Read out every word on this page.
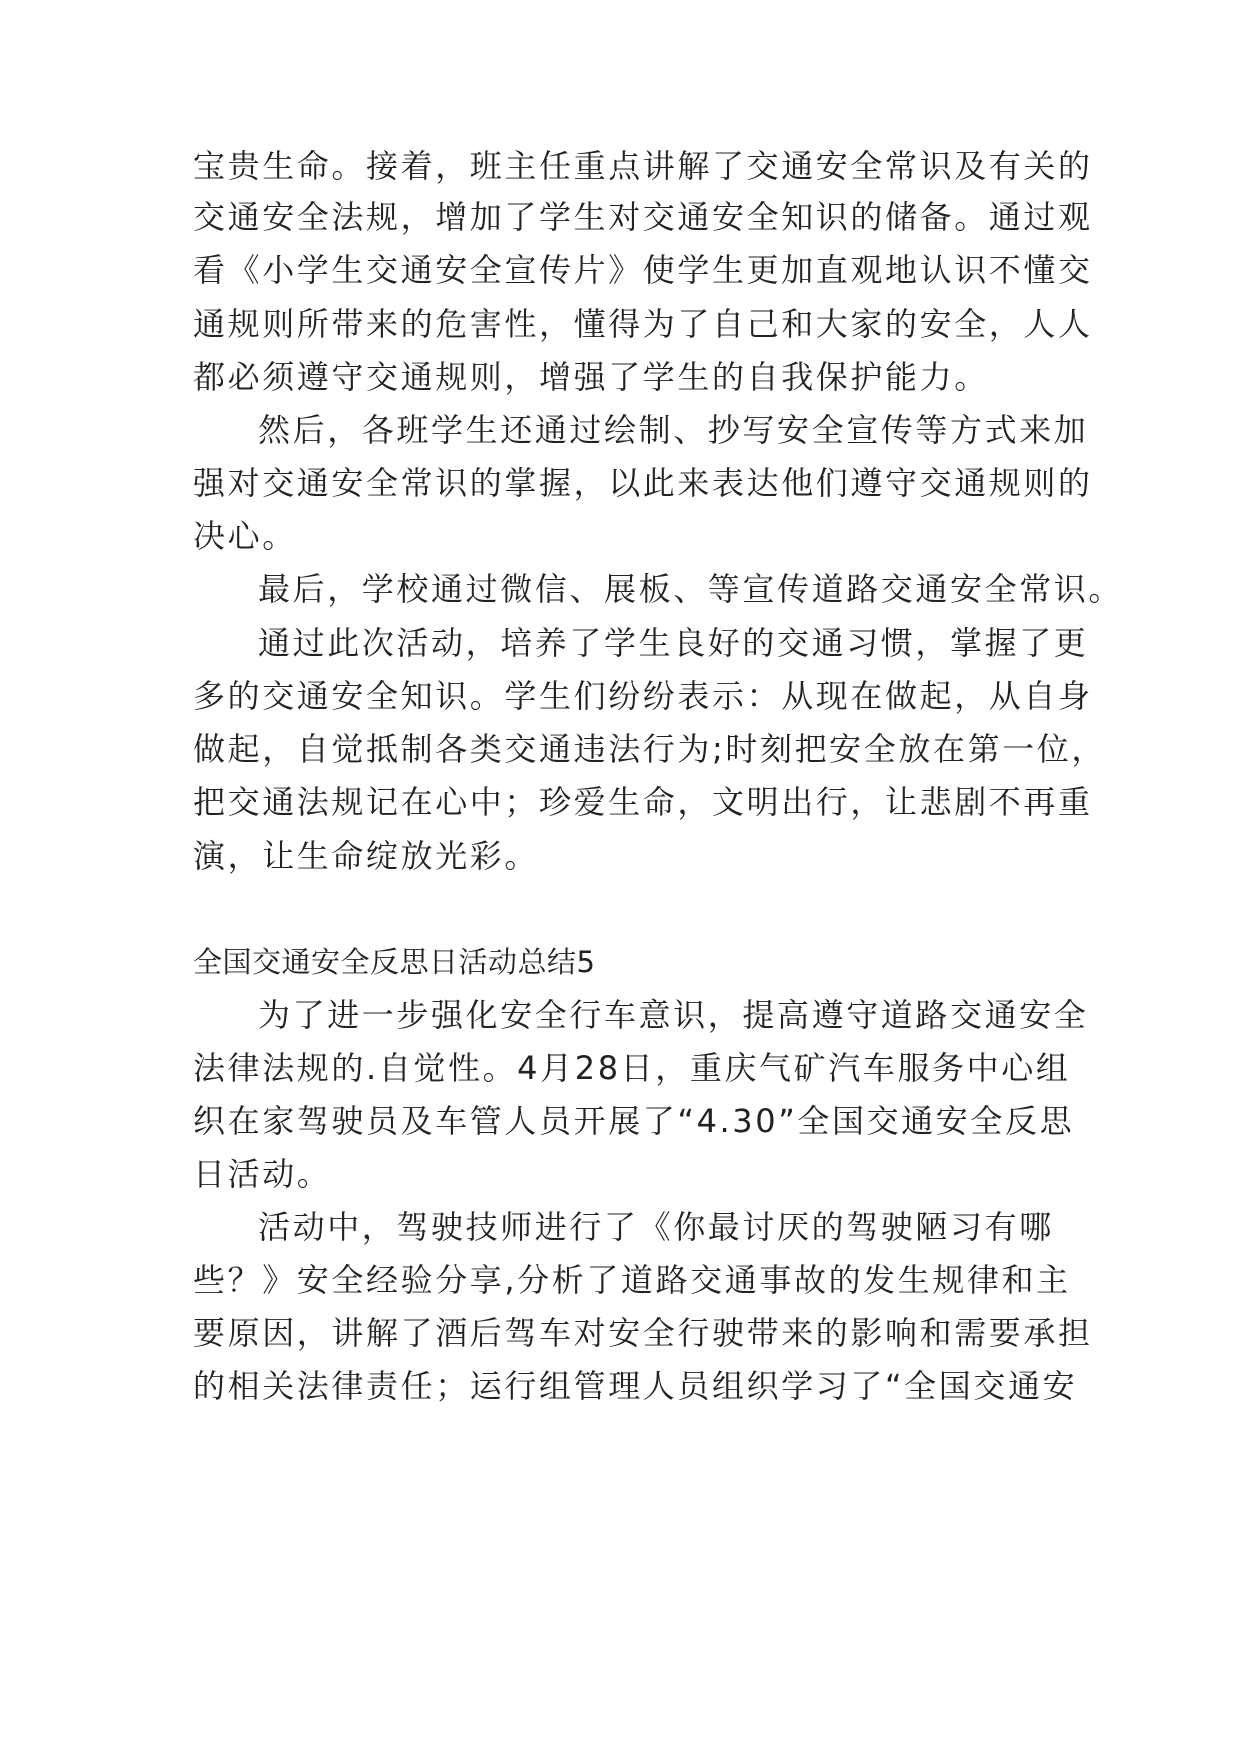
宝贵生命。接着，班主任重点讲解了交通安全常识及有关的
交通安全法规，增加了学生对交通安全知识的储备。通过观
看《小学生交通安全宣传片》使学生更加直观地认识不懂交
通规则所带来的危害性，懂得为了自己和大家的安全，人人
都必须遵守交通规则，增强了学生的自我保护能力。
然后，各班学生还通过绘制、抄写安全宣传等方式来加
强对交通安全常识的掌握，以此来表达他们遵守交通规则的
决心。
最后，学校通过微信、展板、等宣传道路交通安全常识。
通过此次活动，培养了学生良好的交通习惯，掌握了更
多的交通安全知识。学生们纷纷表示：从现在做起，从自身
做起，自觉抵制各类交通违法行为;时刻把安全放在第一位，
把交通法规记在心中；珍爱生命，文明出行，让悲剧不再重
演，让生命绽放光彩。
全国交通安全反思日活动总结5
为了进一步强化安全行车意识，提高遵守道路交通安全
法律法规的.自觉性。4月28日，重庆气矿汽车服务中心组
织在家驾驶员及车管人员开展了“4.30”全国交通安全反思
日活动。
活动中，驾驶技师进行了《你最讨厌的驾驶陋习有哪
些？》安全经验分享,分析了道路交通事故的发生规律和主
要原因，讲解了酒后驾车对安全行驶带来的影响和需要承担
的相关法律责任；运行组管理人员组织学习了“全国交通安
